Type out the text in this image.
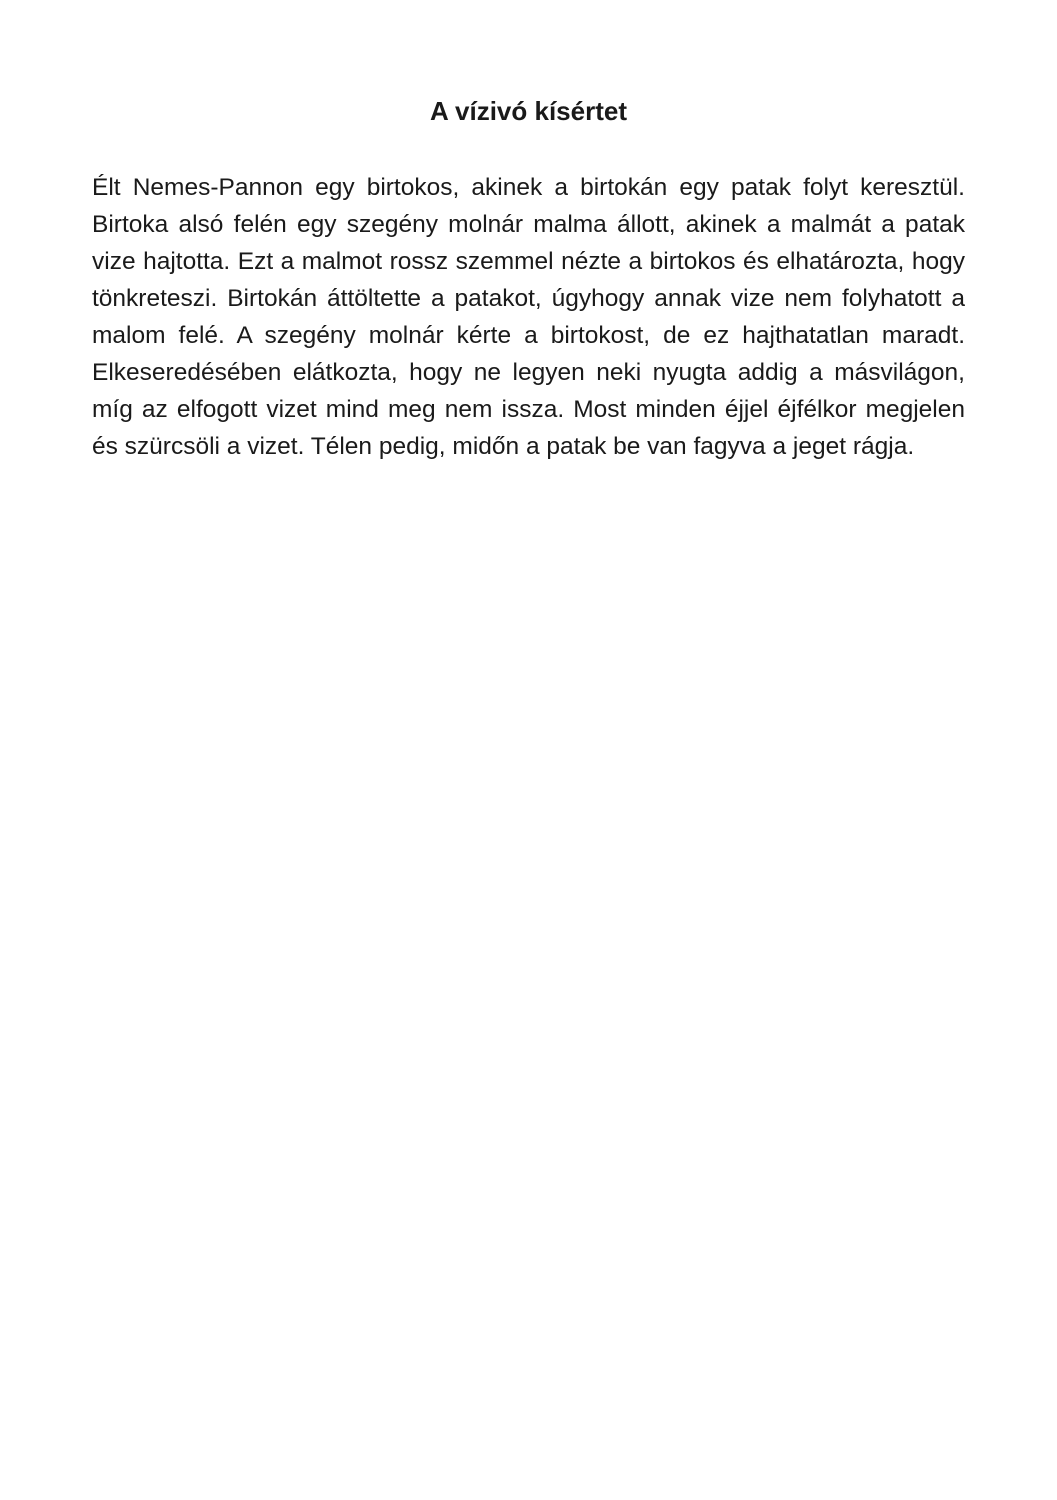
A vízivó kísértet

Élt Nemes-Pannon egy birtokos, akinek a birtokán egy patak folyt keresztül. Birtoka alsó felén egy szegény molnár malma állott, akinek a malmát a patak vize hajtotta. Ezt a malmot rossz szemmel nézte a birtokos és elhatározta, hogy tönkreteszi. Birtokán áttöltette a patakot, úgyhogy annak vize nem folyhatott a malom felé. A szegény molnár kérte a birtokost, de ez hajthatatlan maradt. Elkeseredésében elátkozta, hogy ne legyen neki nyugta addig a másvilágon, míg az elfogott vizet mind meg nem issza. Most minden éjjel éjfélkor megjelen és szürcsöli a vizet. Télen pedig, midőn a patak be van fagyva a jeget rágja.
